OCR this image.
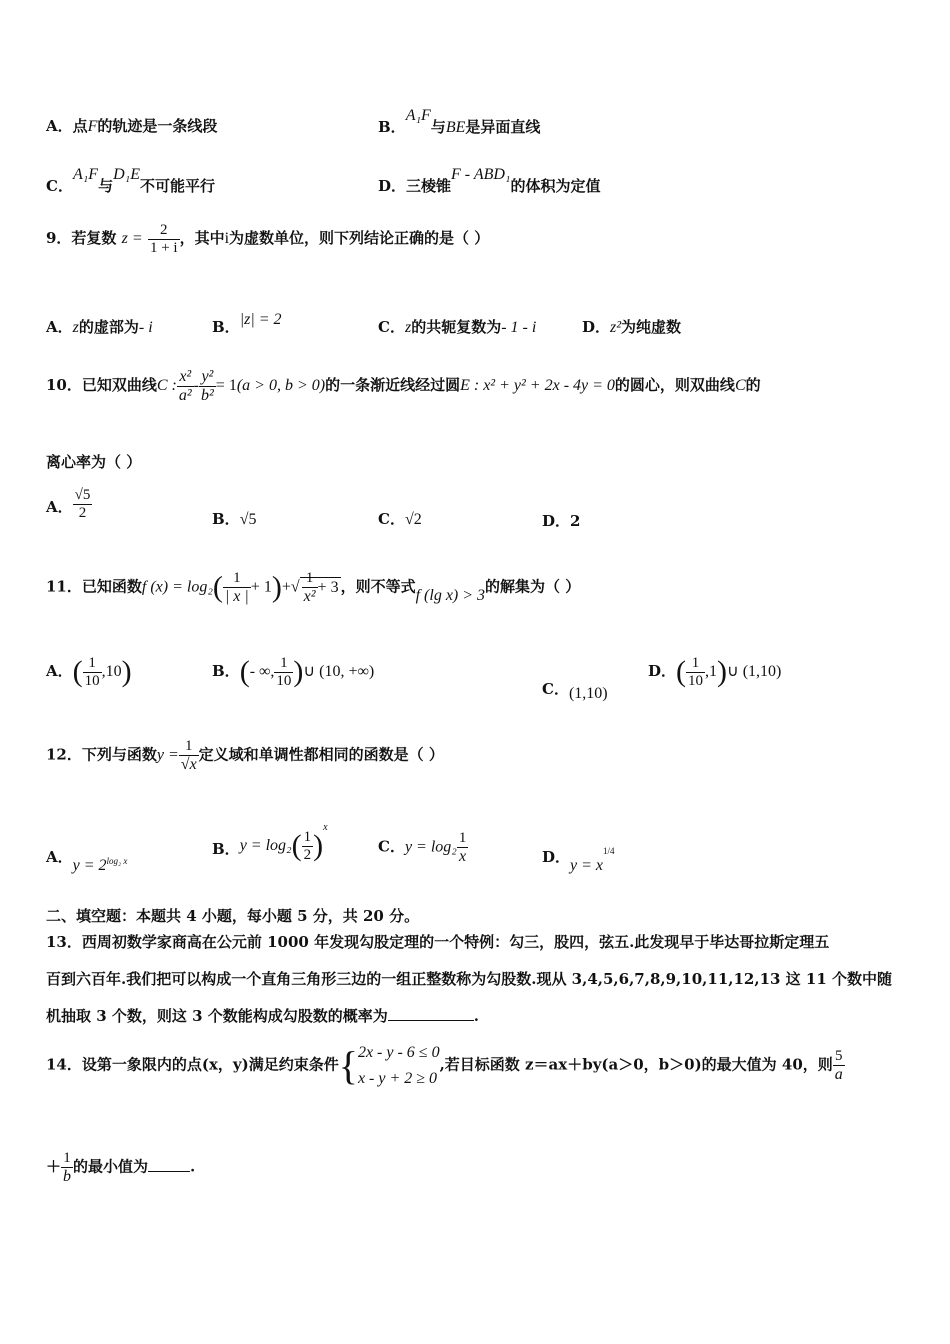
A．点F的轨迹是一条线段	B．A₁F与BE是异面直线
C．A₁F与D₁E不可能平行	D．三棱锥F - ABD₁的体积为定值
9．若复数 $z = \frac{2}{1 + i}$ ，其中i为虚数单位，则下列结论正确的是（ ）
A．z的虚部为- i	B．|z| = 2	C．z的共轭复数为- 1 - i	D．z²为纯虚数
10．已知双曲线C : $\frac{\text{x²}}{\text{a²}} - \frac{\text{y²}}{\text{b²}} = 1(a > 0$, b > 0)的一条渐近线经过圆E : x² + y² + 2x - 4y = 0的圆心，则双曲线C的
离心率为（ ）
A． $\frac{√5}{2}$	B．√5	C．√2	D．2
11．已知函数f $(x) = \log_2( \frac{1}{| x |} + 1)+√ \frac{1}{\text{x²}} + 3$ ，则不等式f (lg x) > 3的解集为（ ）
A．( $\frac{1}{10} ,10$)	B．(- ∞, $\frac{1}{10}$ )∪ (10, +∞)
C．(1,10)
D．( $\frac{1}{10}$ ,1)∪ (1,10)
12．下列与函数$y = \frac{1}{√x}$ 定义域和单调性都相同的函数是（ ）
A．y = 2log₂ x
B．$y = \log_2( \frac{1}{2} )^x$
C．$y = \log_2 \frac{1}{x}$	D．$y = x^{1/4}$
二、填空题：本题共 4 小题，每小题 5 分，共 20 分。
13．西周初数学家商高在公元前 1000 年发现勾股定理的一个特例：勾三，股四，弦五.此发现早于毕达哥拉斯定理五
百到六百年.我们把可以构成一个直角三角形三边的一组正整数称为勾股数.现从 3,4,5,6,7,8,9,10,11,12,13 这 11 个数中随
机抽取 3 个数，则这 3 个数能构成勾股数的概率为	.
14．设第一象限内的点(x，y)满足约束条件{ 2x - y - 6 ≤ 0
x - y + 2 ≥ 0
,若目标函数 z＝ax＋by(a＞0，b＞0)的最大值为 40，则 $\frac{5}{a}$
＋ $\frac{1}{b}$ 的最小值为	.
